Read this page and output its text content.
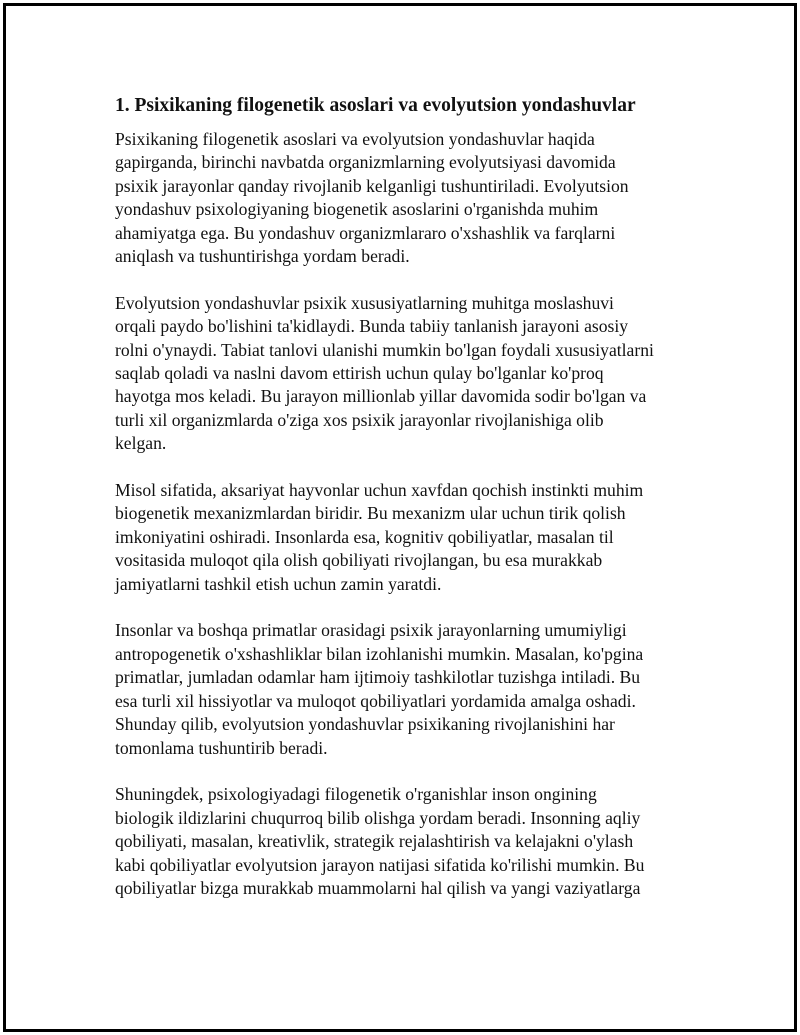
1. Psixikaning filogenetik asoslari va evolyutsion yondashuvlar

Psixikaning filogenetik asoslari va evolyutsion yondashuvlar haqida
gapirganda, birinchi navbatda organizmlarning evolyutsiyasi davomida
psixik jarayonlar qanday rivojlanib kelganligi tushuntiriladi. Evolyutsion
yondashuv psixologiyaning biogenetik asoslarini o'rganishda muhim
ahamiyatga ega. Bu yondashuv organizmlararo o'xshashlik va farqlarni
aniqlash va tushuntirishga yordam beradi.

Evolyutsion yondashuvlar psixik xususiyatlarning muhitga moslashuvi
orqali paydo bo'lishini ta'kidlaydi. Bunda tabiiy tanlanish jarayoni asosiy
rolni o'ynaydi. Tabiat tanlovi ulanishi mumkin bo'lgan foydali xususiyatlarni
saqlab qoladi va naslni davom ettirish uchun qulay bo'lganlar ko'proq
hayotga mos keladi. Bu jarayon millionlab yillar davomida sodir bo'lgan va
turli xil organizmlarda o'ziga xos psixik jarayonlar rivojlanishiga olib
kelgan.

Misol sifatida, aksariyat hayvonlar uchun xavfdan qochish instinkti muhim
biogenetik mexanizmlardan biridir. Bu mexanizm ular uchun tirik qolish
imkoniyatini oshiradi. Insonlarda esa, kognitiv qobiliyatlar, masalan til
vositasida muloqot qila olish qobiliyati rivojlangan, bu esa murakkab
jamiyatlarni tashkil etish uchun zamin yaratdi.

Insonlar va boshqa primatlar orasidagi psixik jarayonlarning umumiyligi
antropogenetik o'xshashliklar bilan izohlanishi mumkin. Masalan, ko'pgina
primatlar, jumladan odamlar ham ijtimoiy tashkilotlar tuzishga intiladi. Bu
esa turli xil hissiyotlar va muloqot qobiliyatlari yordamida amalga oshadi.
Shunday qilib, evolyutsion yondashuvlar psixikaning rivojlanishini har
tomonlama tushuntirib beradi.

Shuningdek, psixologiyadagi filogenetik o'rganishlar inson ongining
biologik ildizlarini chuqurroq bilib olishga yordam beradi. Insonning aqliy
qobiliyati, masalan, kreativlik, strategik rejalashtirish va kelajakni o'ylash
kabi qobiliyatlar evolyutsion jarayon natijasi sifatida ko'rilishi mumkin. Bu
qobiliyatlar bizga murakkab muammolarni hal qilish va yangi vaziyatlarga
